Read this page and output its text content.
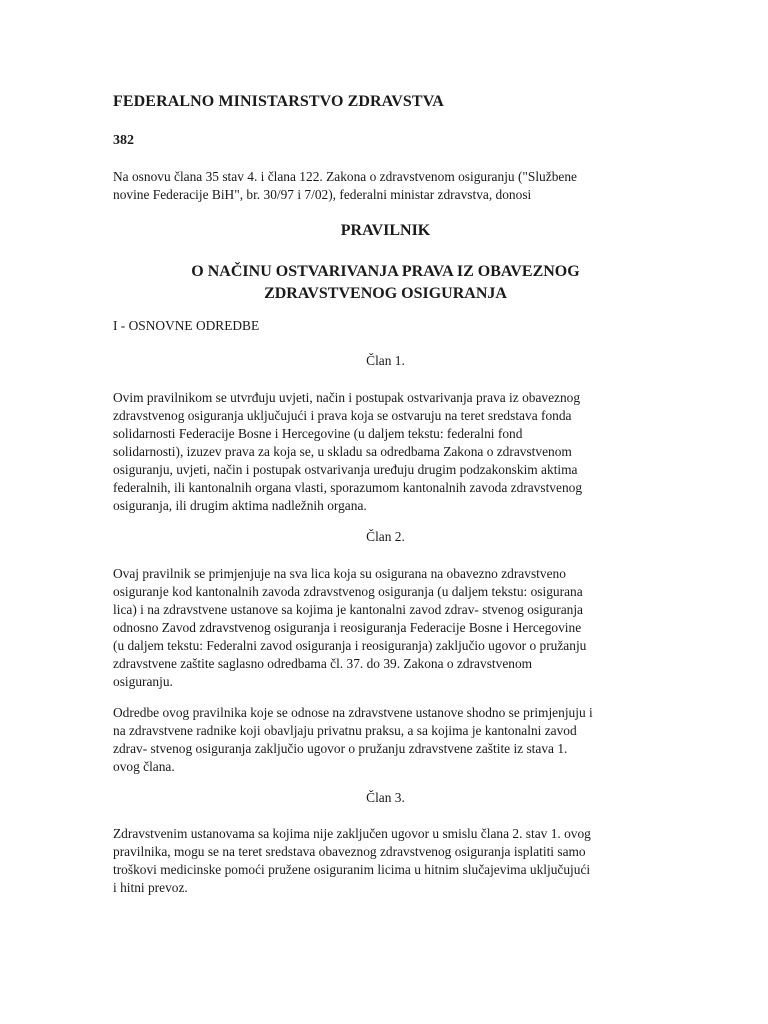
FEDERALNO MINISTARSTVO ZDRAVSTVA
382
Na osnovu člana 35 stav 4. i člana 122. Zakona o zdravstvenom osiguranju ("Službene
novine Federacije BiH", br. 30/97 i 7/02), federalni ministar zdravstva, donosi
PRAVILNIK
O NAČINU OSTVARIVANJA PRAVA IZ OBAVEZNOG
ZDRAVSTVENOG OSIGURANJA
I - OSNOVNE ODREDBE
Član 1.
Ovim pravilnikom se utvrđuju uvjeti, način i postupak ostvarivanja prava iz obaveznog
zdravstvenog osiguranja uključujući i prava koja se ostvaruju na teret sredstava fonda
solidarnosti Federacije Bosne i Hercegovine (u daljem tekstu: federalni fond
solidarnosti), izuzev prava za koja se, u skladu sa odredbama Zakona o zdravstvenom
osiguranju, uvjeti, način i postupak ostvarivanja uređuju drugim podzakonskim aktima
federalnih, ili kantonalnih organa vlasti, sporazumom kantonalnih zavoda zdravstvenog
osiguranja, ili drugim aktima nadležnih organa.
Član 2.
Ovaj pravilnik se primjenjuje na sva lica koja su osigurana na obavezno zdravstveno
osiguranje kod kantonalnih zavoda zdravstvenog osiguranja (u daljem tekstu: osigurana
lica) i na zdravstvene ustanove sa kojima je kantonalni zavod zdrav- stvenog osiguranja
odnosno Zavod zdravstvenog osiguranja i reosiguranja Federacije Bosne i Hercegovine
(u daljem tekstu: Federalni zavod osiguranja i reosiguranja) zaključio ugovor o pružanju
zdravstvene zaštite saglasno odredbama čl. 37. do 39. Zakona o zdravstvenom
osiguranju.
Odredbe ovog pravilnika koje se odnose na zdravstvene ustanove shodno se primjenjuju i
na zdravstvene radnike koji obavljaju privatnu praksu, a sa kojima je kantonalni zavod
zdrav- stvenog osiguranja zaključio ugovor o pružanju zdravstvene zaštite iz stava 1.
ovog člana.
Član 3.
Zdravstvenim ustanovama sa kojima nije zaključen ugovor u smislu člana 2. stav 1. ovog
pravilnika, mogu se na teret sredstava obaveznog zdravstvenog osiguranja isplatiti samo
troškovi medicinske pomoći pružene osiguranim licima u hitnim slučajevima uključujući
i hitni prevoz.
